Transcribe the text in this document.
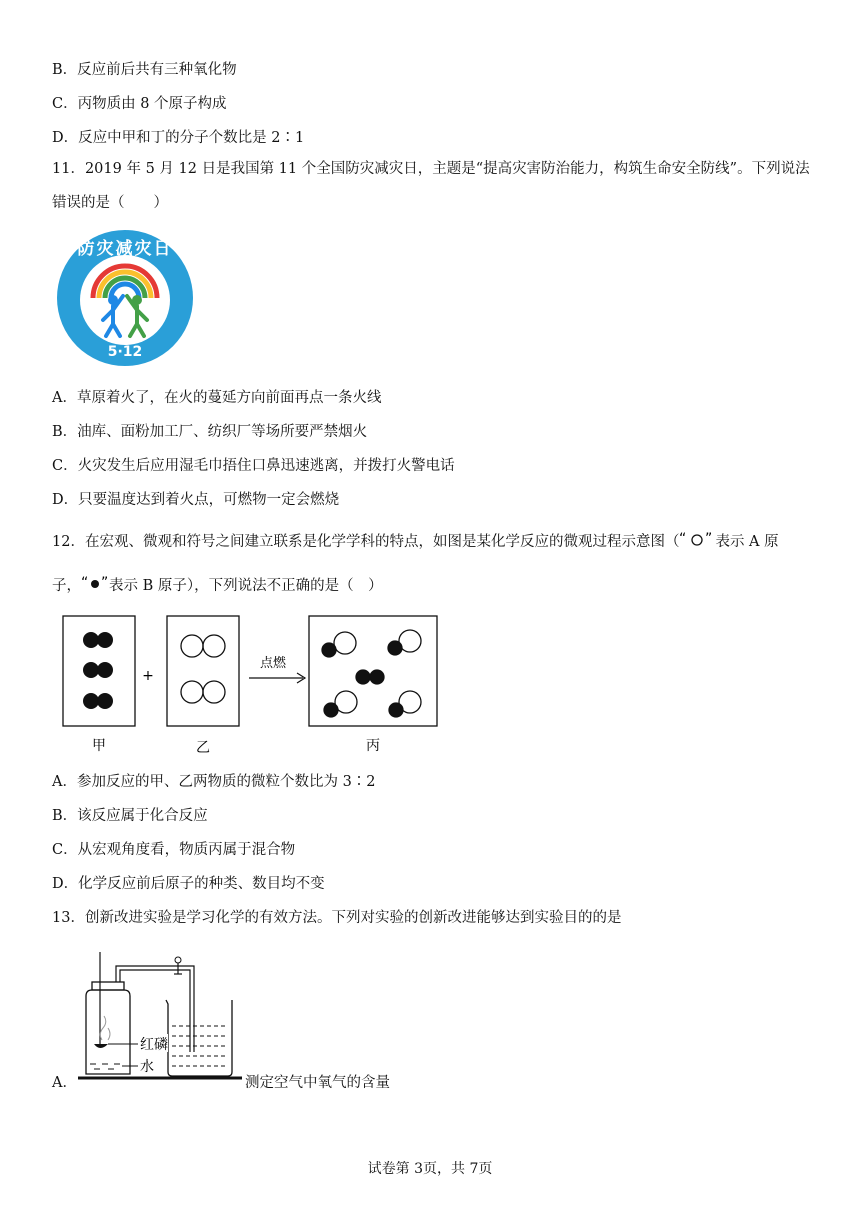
B．反应前后共有三种氧化物
C．丙物质由 8 个原子构成
D．反应中甲和丁的分子个数比是 2∶1
11．2019 年 5 月 12 日是我国第 11 个全国防灾减灾日，主题是“提高灾害防治能力，构筑生命安全防线”。下列说法错误的是（　　）
防灾减灾日
5·12
A．草原着火了，在火的蔓延方向前面再点一条火线
B．油库、面粉加工厂、纺织厂等场所要严禁烟火
C．火灾发生后应用湿毛巾捂住口鼻迅速逃离，并拨打火警电话
D．只要温度达到着火点，可燃物一定会燃烧
12．在宏观、微观和符号之间建立联系是化学学科的特点，如图是某化学反应的微观过程示意图（ “ ” 表示 A 原
子， “ ” 表示 B 原子），下列说法不正确的是（　）
+
点燃
甲	乙	丙
A．参加反应的甲、乙两物质的微粒个数比为 3∶2
B．该反应属于化合反应
C．从宏观角度看，物质丙属于混合物
D．化学反应前后原子的种类、数目均不变
13．创新改进实验是学习化学的有效方法。下列对实验的创新改进能够达到实验目的的是
A．
红磷
水
测定空气中氧气的含量
试卷第 3页，共 7页
